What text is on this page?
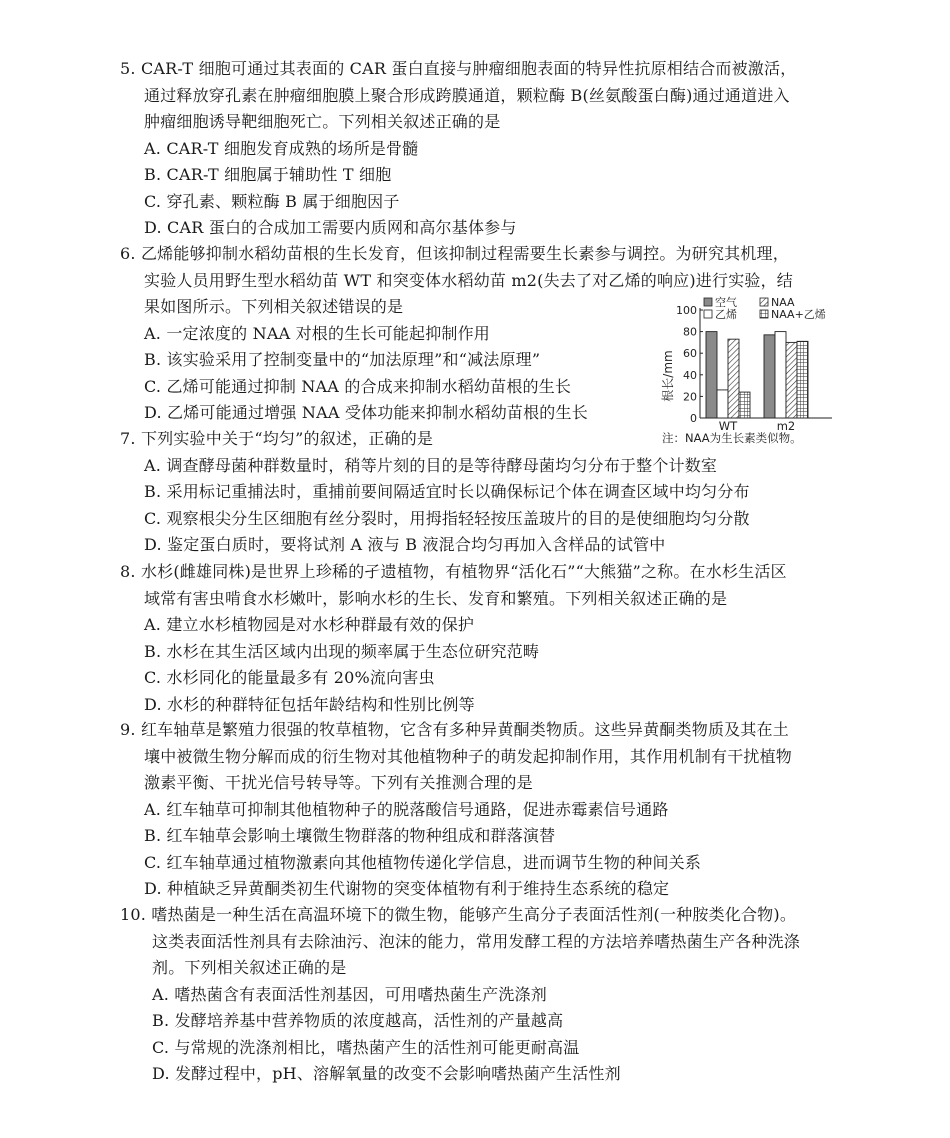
5. CAR-T 细胞可通过其表面的 CAR 蛋白直接与肿瘤细胞表面的特异性抗原相结合而被激活，
通过释放穿孔素在肿瘤细胞膜上聚合形成跨膜通道，颗粒酶 B(丝氨酸蛋白酶)通过通道进入
肿瘤细胞诱导靶细胞死亡。下列相关叙述正确的是
A. CAR-T 细胞发育成熟的场所是骨髓
B. CAR-T 细胞属于辅助性 T 细胞
C. 穿孔素、颗粒酶 B 属于细胞因子
D. CAR 蛋白的合成加工需要内质网和高尔基体参与
6. 乙烯能够抑制水稻幼苗根的生长发育，但该抑制过程需要生长素参与调控。为研究其机理，
实验人员用野生型水稻幼苗 WT 和突变体水稻幼苗 m2(失去了对乙烯的响应)进行实验，结
果如图所示。下列相关叙述错误的是
A. 一定浓度的 NAA 对根的生长可能起抑制作用
B. 该实验采用了控制变量中的“加法原理”和“减法原理”
C. 乙烯可能通过抑制 NAA 的合成来抑制水稻幼苗根的生长
D. 乙烯可能通过增强 NAA 受体功能来抑制水稻幼苗根的生长
7. 下列实验中关于“均匀”的叙述，正确的是
A. 调查酵母菌种群数量时，稍等片刻的目的是等待酵母菌均匀分布于整个计数室
B. 采用标记重捕法时，重捕前要间隔适宜时长以确保标记个体在调查区域中均匀分布
C. 观察根尖分生区细胞有丝分裂时，用拇指轻轻按压盖玻片的目的是使细胞均匀分散
D. 鉴定蛋白质时，要将试剂 A 液与 B 液混合均匀再加入含样品的试管中
8. 水杉(雌雄同株)是世界上珍稀的孑遗植物，有植物界“活化石”“大熊猫”之称。在水杉生活区
域常有害虫啃食水杉嫩叶，影响水杉的生长、发育和繁殖。下列相关叙述正确的是
A. 建立水杉植物园是对水杉种群最有效的保护
B. 水杉在其生活区域内出现的频率属于生态位研究范畴
C. 水杉同化的能量最多有 20%流向害虫
D. 水杉的种群特征包括年龄结构和性别比例等
9. 红车轴草是繁殖力很强的牧草植物，它含有多种异黄酮类物质。这些异黄酮类物质及其在土
壤中被微生物分解而成的衍生物对其他植物种子的萌发起抑制作用，其作用机制有干扰植物
激素平衡、干扰光信号转导等。下列有关推测合理的是
A. 红车轴草可抑制其他植物种子的脱落酸信号通路，促进赤霉素信号通路
B. 红车轴草会影响土壤微生物群落的物种组成和群落演替
C. 红车轴草通过植物激素向其他植物传递化学信息，进而调节生物的种间关系
D. 种植缺乏异黄酮类初生代谢物的突变体植物有利于维持生态系统的稳定
10. 嗜热菌是一种生活在高温环境下的微生物，能够产生高分子表面活性剂(一种胺类化合物)。
这类表面活性剂具有去除油污、泡沫的能力，常用发酵工程的方法培养嗜热菌生产各种洗涤
剂。下列相关叙述正确的是
A. 嗜热菌含有表面活性剂基因，可用嗜热菌生产洗涤剂
B. 发酵培养基中营养物质的浓度越高，活性剂的产量越高
C. 与常规的洗涤剂相比，嗜热菌产生的活性剂可能更耐高温
D. 发酵过程中，pH、溶解氧量的改变不会影响嗜热菌产生活性剂
0
20
40
60
80
100
WT	m2
空气
乙烯
NAA
NAA+乙烯
根长/mm
注：NAA为生长素类似物。
